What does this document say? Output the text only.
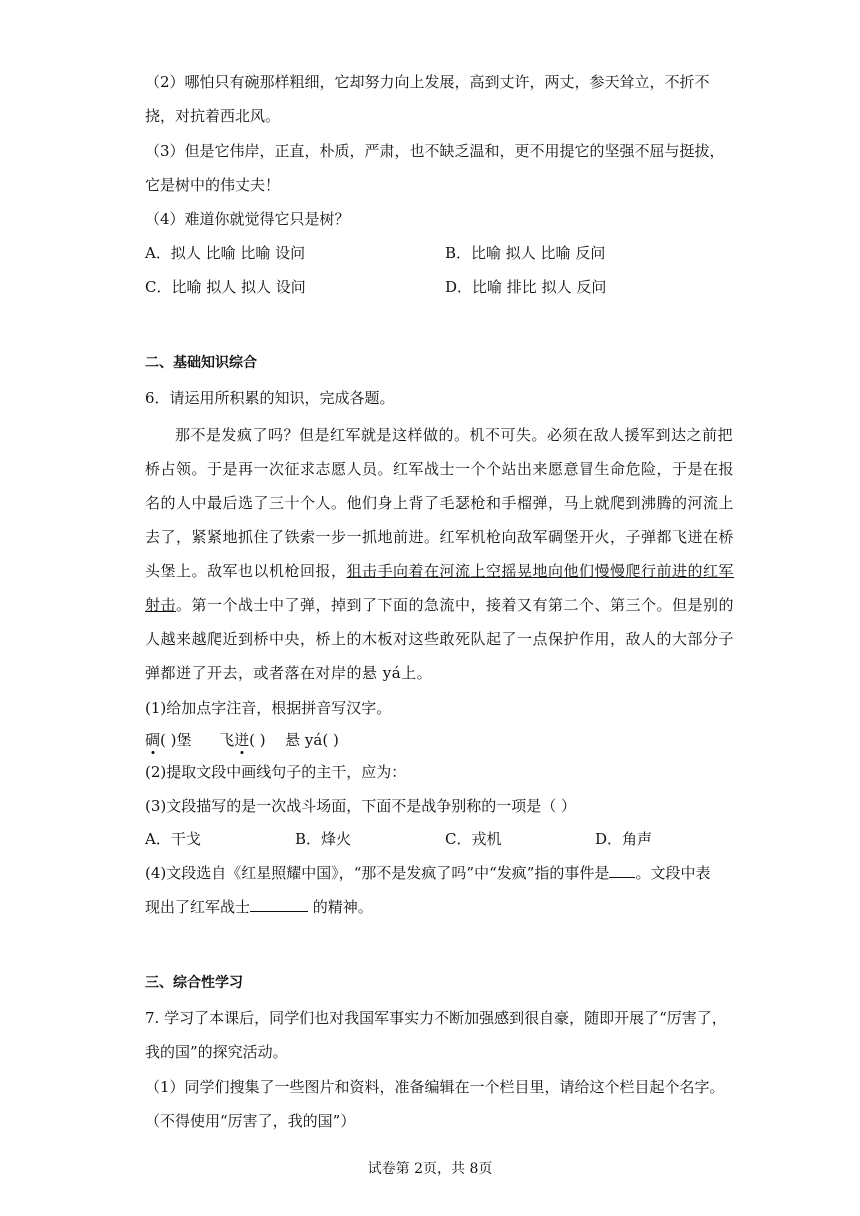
（2）哪怕只有碗那样粗细，它却努力向上发展，高到丈许，两丈，参天耸立，不折不
挠，对抗着西北风。
（3）但是它伟岸，正直，朴质，严肃，也不缺乏温和，更不用提它的坚强不屈与挺拔，
它是树中的伟丈夫！
（4）难道你就觉得它只是树？
A．拟人 比喻 比喻 设问	B．比喻 拟人 比喻 反问
C．比喻 拟人 拟人 设问	D．比喻 排比 拟人 反问
二、基础知识综合
6．请运用所积累的知识，完成各题。
那不是发疯了吗？但是红军就是这样做的。机不可失。必须在敌人援军到达之前把
桥占领。于是再一次征求志愿人员。红军战士一个个站出来愿意冒生命危险，于是在报
名的人中最后选了三十个人。他们身上背了毛瑟枪和手榴弹，马上就爬到沸腾的河流上
去了，紧紧地抓住了铁索一步一抓地前进。红军机枪向敌军碉堡开火，子弹都飞迸在桥
头堡上。敌军也以机枪回报，狙击手向着在河流上空摇晃地向他们慢慢爬行前进的红军
射击。第一个战士中了弹，掉到了下面的急流中，接着又有第二个、第三个。但是别的
人越来越爬近到桥中央，桥上的木板对这些敢死队起了一点保护作用，敌人的大部分子
弹都迸了开去，或者落在对岸的悬 yá上。
(1)给加点字注音，根据拼音写汉字。
碉( )堡 飞迸( ) 悬 yá( )
(2)提取文段中画线句子的主干，应为：
(3)文段描写的是一次战斗场面，下面不是战争别称的一项是（ ）
A．干戈	B．烽火	C．戎机	D．角声
(4)文段选自《红星照耀中国》，“那不是发疯了吗”中“发疯”指的事件是 。文段中表
现出了红军战士	的精神。
三、综合性学习
7. 学习了本课后，同学们也对我国军事实力不断加强感到很自豪，随即开展了“厉害了，
我的国”的探究活动。
（1）同学们搜集了一些图片和资料，准备编辑在一个栏目里，请给这个栏目起个名字。
（不得使用“厉害了，我的国”）
试卷第 2页，共 8页
